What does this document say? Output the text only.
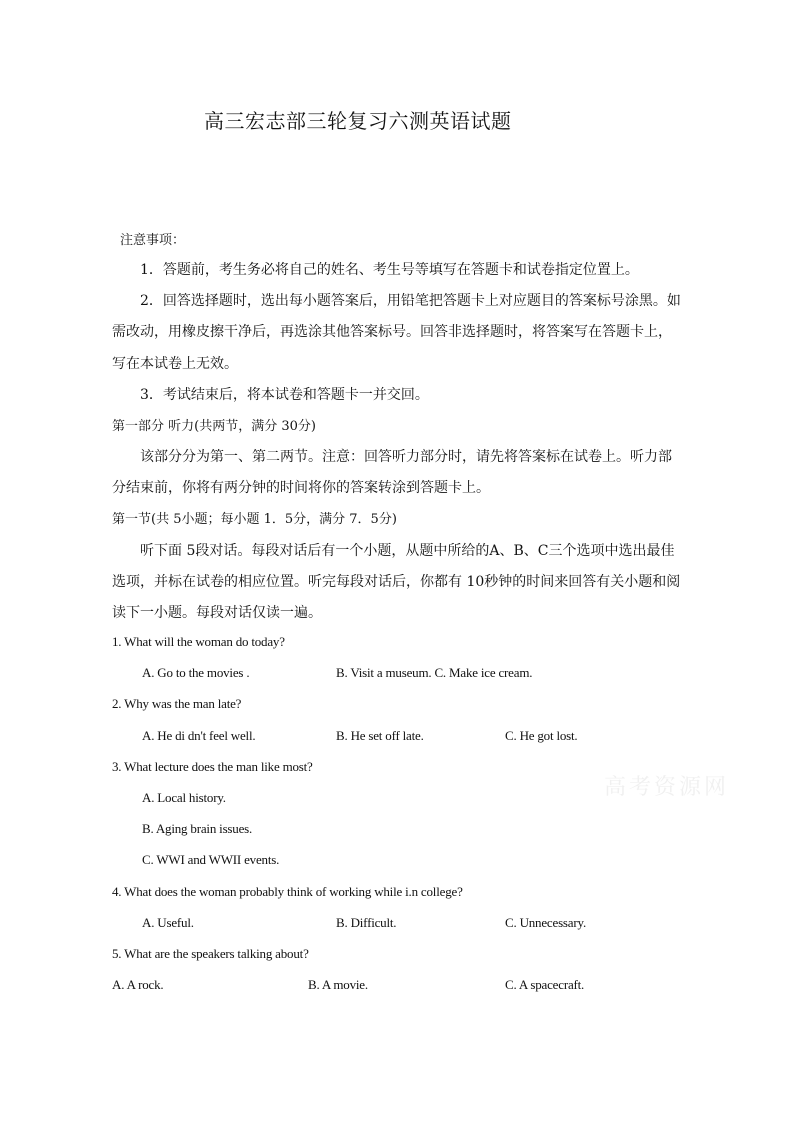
高三宏志部三轮复习六测英语试题
注意事项：
1．答题前，考生务必将自己的姓名、考生号等填写在答题卡和试卷指定位置上。
2．回答选择题时，选出每小题答案后，用铅笔把答题卡上对应题目的答案标号涂黑。如
需改动，用橡皮擦干净后，再选涂其他答案标号。回答非选择题时，将答案写在答题卡上，
写在本试卷上无效。
3．考试结束后，将本试卷和答题卡一并交回。
第一部分 听力(共两节，满分 30分)
该部分分为第一、第二两节。注意：回答听力部分时，请先将答案标在试卷上。听力部
分结束前，你将有两分钟的时间将你的答案转涂到答题卡上。
第一节(共 5小题；每小题 1．5分，满分 7．5分)
听下面 5段对话。每段对话后有一个小题，从题中所给的A、B、C三个选项中选出最佳
选项，并标在试卷的相应位置。听完每段对话后，你都有 10秒钟的时间来回答有关小题和阅
读下一小题。每段对话仅读一遍。
1. What will the woman do today?
A. Go to the movies .	B. Visit a museum. C. Make ice cream.
2. Why was the man late?
A. He di dn't feel well.	B. He set off late.	C. He got lost.
3. What lecture does the man like most?
A. Local history.
B. Aging brain issues.
C. WWI and WWII events.
4. What does the woman probably think of working while i.n college?
A. Useful.	B. Difficult.	C. Unnecessary.
5. What are the speakers talking about?
A. A rock.	B. A movie.	C. A spacecraft.
高考资源网
